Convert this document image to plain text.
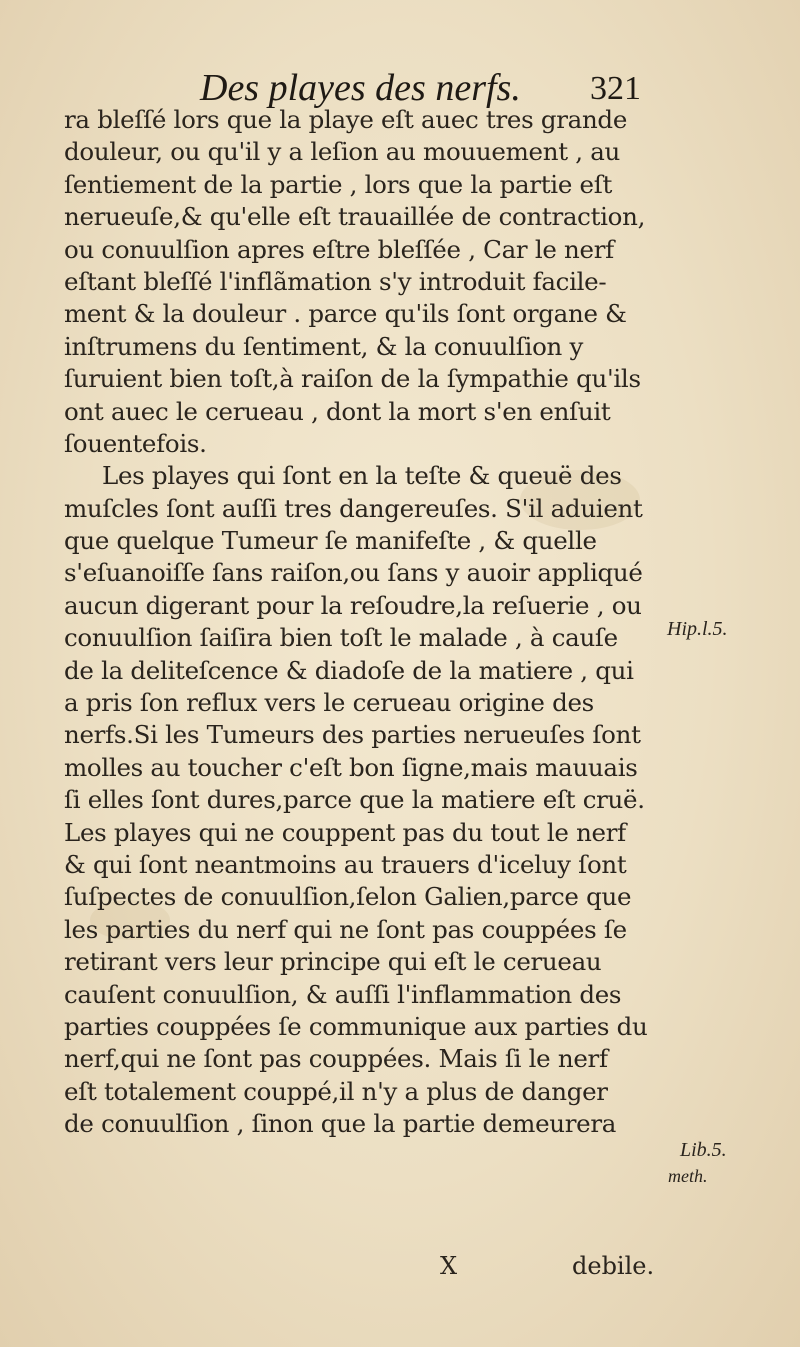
Des playes des nerfs. 321
ra bleſſé lors que la playe eſt auec tres grande
douleur, ou qu'il y a leſion au mouuement , au
ſentiement de la partie , lors que la partie eſt
nerueuſe,& qu'elle eſt trauaillée de contraction,
ou conuulſion apres eſtre bleſſée , Car le nerf
eſtant bleſſé l'inflãmation s'y introduit facile-
ment & la douleur . parce qu'ils ſont organe &
inſtrumens du ſentiment, & la conuulſion y
ſuruient bien toſt,à raiſon de la ſympathie qu'ils
ont auec le cerueau , dont la mort s'en enſuit
ſouentefois.
Les playes qui ſont en la teſte & queuë des
muſcles ſont auſſi tres dangereuſes. S'il aduient
que quelque Tumeur ſe manifeſte , & quelle
s'eſuanoiſſe ſans raiſon,ou ſans y auoir appliqué
aucun digerant pour la reſoudre,la reſuerie , ou
conuulſion ſaiſira bien toſt le malade , à cauſe
de la deliteſcence & diadoſe de la matiere , qui
a pris ſon reflux vers le cerueau origine des
nerfs.Si les Tumeurs des parties nerueuſes ſont
molles au toucher c'eſt bon ſigne,mais mauuais
ſi elles ſont dures,parce que la matiere eſt cruë.
Les playes qui ne couppent pas du tout le nerf
& qui ſont neantmoins au trauers d'iceluy ſont
ſuſpectes de conuulſion,ſelon Galien,parce que
les parties du nerf qui ne ſont pas couppées ſe
retirant vers leur principe qui eſt le cerueau
cauſent conuulſion, & auſſi l'inflammation des
parties couppées ſe communique aux parties du
nerf,qui ne ſont pas couppées. Mais ſi le nerf
eſt totalement couppé,il n'y a plus de danger
de conuulſion , ſinon que la partie demeurera
Hip.l.5.
Lib.5.
meth.
X	debile.
